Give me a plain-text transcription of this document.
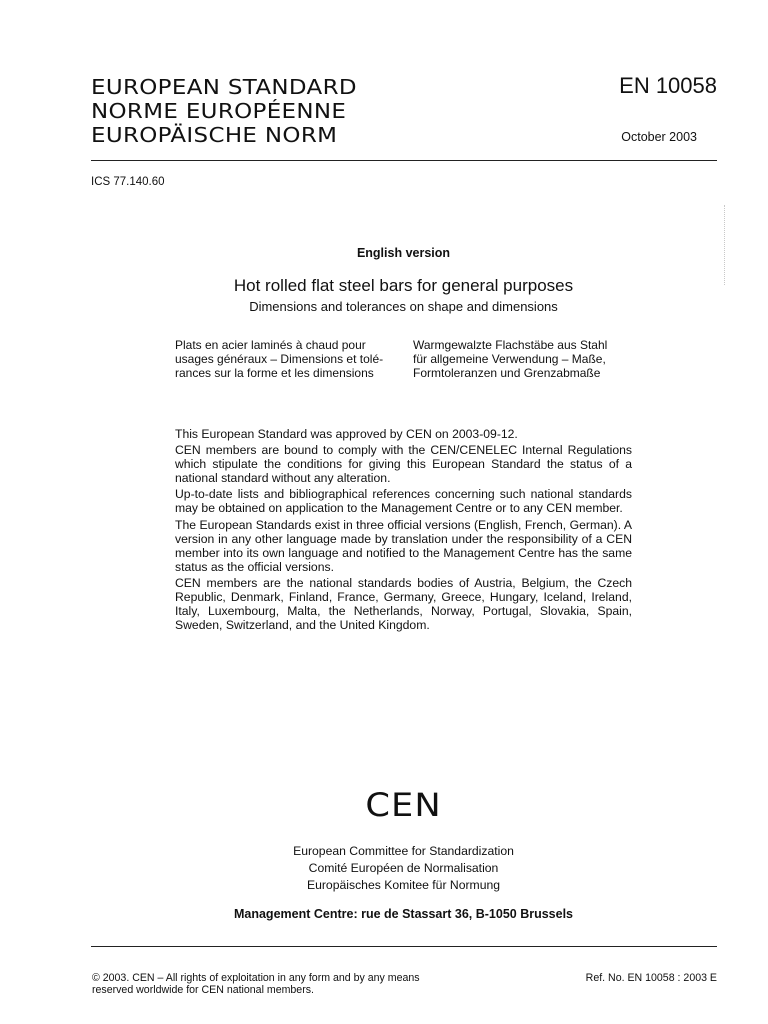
EUROPEAN STANDARD
NORME EUROPÉENNE
EUROPÄISCHE NORM
EN 10058
October 2003
ICS 77.140.60
English version
Hot rolled flat steel bars for general purposes
Dimensions and tolerances on shape and dimensions
Plats en acier laminés à chaud pour
usages généraux – Dimensions et tolé-
rances sur la forme et les dimensions
Warmgewalzte Flachstäbe aus Stahl
für allgemeine Verwendung – Maße,
Formtoleranzen und Grenzabmaße

This European Standard was approved by CEN on 2003-09-12.

CEN members are bound to comply with the CEN/CENELEC Internal Regulations which stipulate the conditions for giving this European Standard the status of a national standard without any alteration.

Up-to-date lists and bibliographical references concerning such national standards may be obtained on application to the Management Centre or to any CEN member.

The European Standards exist in three official versions (English, French, German). A version in any other language made by translation under the responsibility of a CEN member into its own language and notified to the Management Centre has the same status as the official versions.

CEN members are the national standards bodies of Austria, Belgium, the Czech Republic, Denmark, Finland, France, Germany, Greece, Hungary, Iceland, Ireland, Italy, Luxembourg, Malta, the Netherlands, Norway, Portugal, Slovakia, Spain, Sweden, Switzerland, and the United Kingdom.

CEN
European Committee for Standardization
Comité Européen de Normalisation
Europäisches Komitee für Normung
Management Centre: rue de Stassart 36, B-1050 Brussels
© 2003. CEN – All rights of exploitation in any form and by any means
reserved worldwide for CEN national members.
Ref. No. EN 10058 : 2003 E
